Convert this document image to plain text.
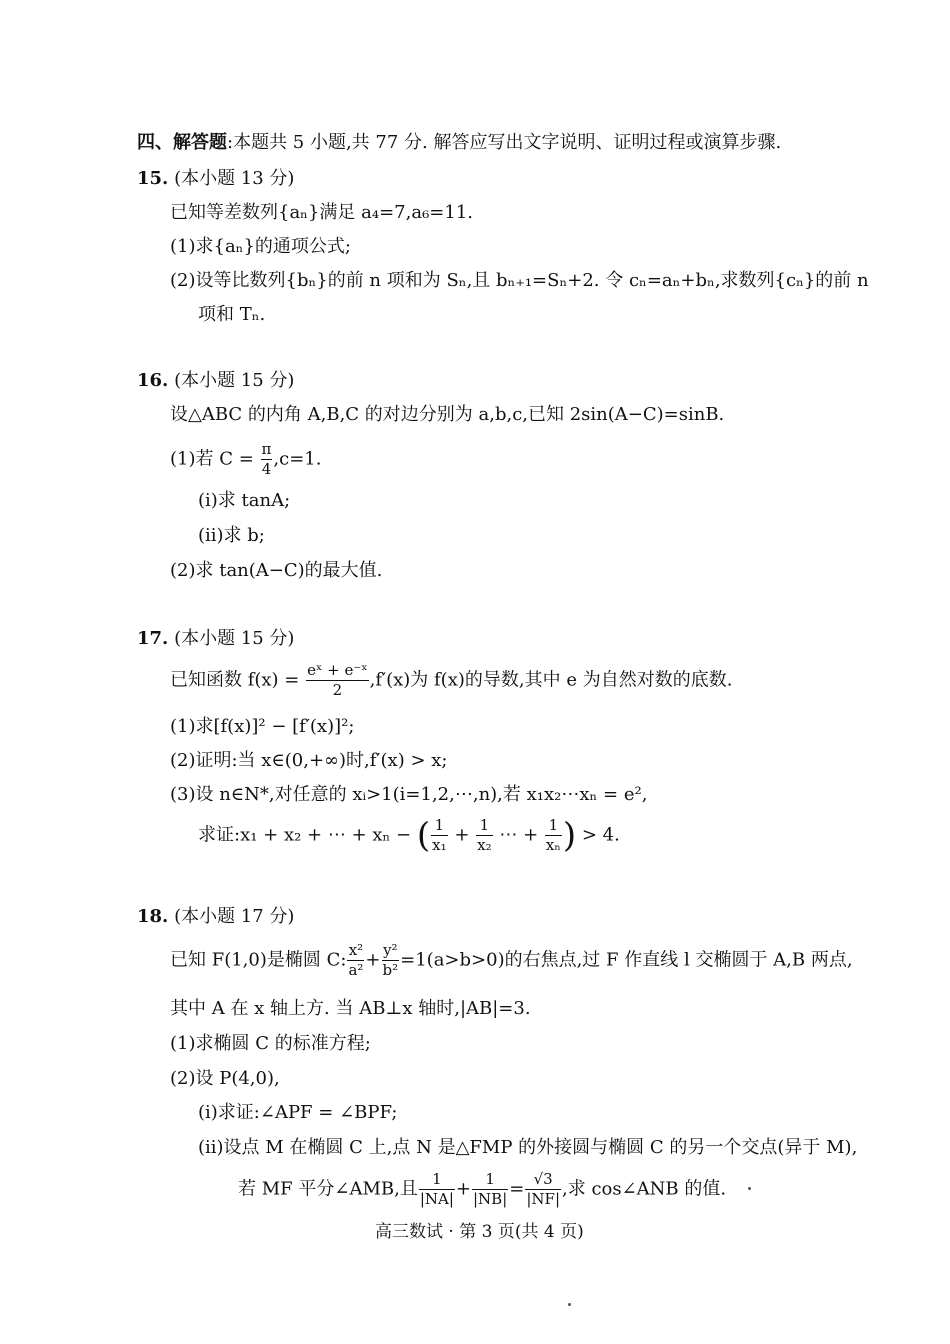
四、解答题:本题共 5 小题,共 77 分. 解答应写出文字说明、证明过程或演算步骤.
15. (本小题 13 分)
已知等差数列{aₙ}满足 a₄=7,a₆=11.
(1)求{aₙ}的通项公式;
(2)设等比数列{bₙ}的前 n 项和为 Sₙ,且 bₙ₊₁=Sₙ+2. 令 cₙ=aₙ+bₙ,求数列{cₙ}的前 n
项和 Tₙ.
16. (本小题 15 分)
设△ABC 的内角 A,B,C 的对边分别为 a,b,c,已知 2sin(A−C)=sinB.
(1)若 $C = \frac{\pi}{4} ,c=1$.
(ⅰ)求 tanA;
(ⅱ)求 b;
(2)求 tan(A−C)的最大值.
17. (本小题 15 分)
已知函数 $f(x) = \frac{\text{eˣ + e⁻ˣ}}{2} ,f'(x)$为 f(x)的导数,其中 e 为自然对数的底数.
(1)求[f(x)]² − [f′(x)]²;
(2)证明:当 x∈(0,+∞)时,f′(x) > x;
(3)设 n∈N*,对任意的 xᵢ>1(i=1,2,⋯,n),若 x₁x₂⋯xₙ = e²,
求证:x₁ + x₂ + ⋯ + xₙ − ( $\frac{1}{\text{x₁}} + \frac{1}{\text{x₂}}$ ⋯ + $\frac{1}{\text{xₙ}}$ ) > 4.
18. (本小题 17 分)
已知 F(1,0)是椭圆 C: $\frac{\text{x²}}{\text{a²}} + \frac{\text{y²}}{\text{b²}} =1(a>b>0)$的右焦点,过 F 作直线 l 交椭圆于 A,B 两点,
其中 A 在 x 轴上方. 当 AB⊥x 轴时,|AB|=3.
(1)求椭圆 C 的标准方程;
(2)设 P(4,0),
(ⅰ)求证:∠APF = ∠BPF;
(ⅱ)设点 M 在椭圆 C 上,点 N 是△FMP 的外接圆与椭圆 C 的另一个交点(异于 M),
若 MF 平分∠AMB,且 $\frac{1}{|NA|} + \frac{1}{|NB|} = \frac{√3}{|NF|}$ ,求 cos∠ANB 的值.
高三数试 · 第 3 页(共 4 页)
